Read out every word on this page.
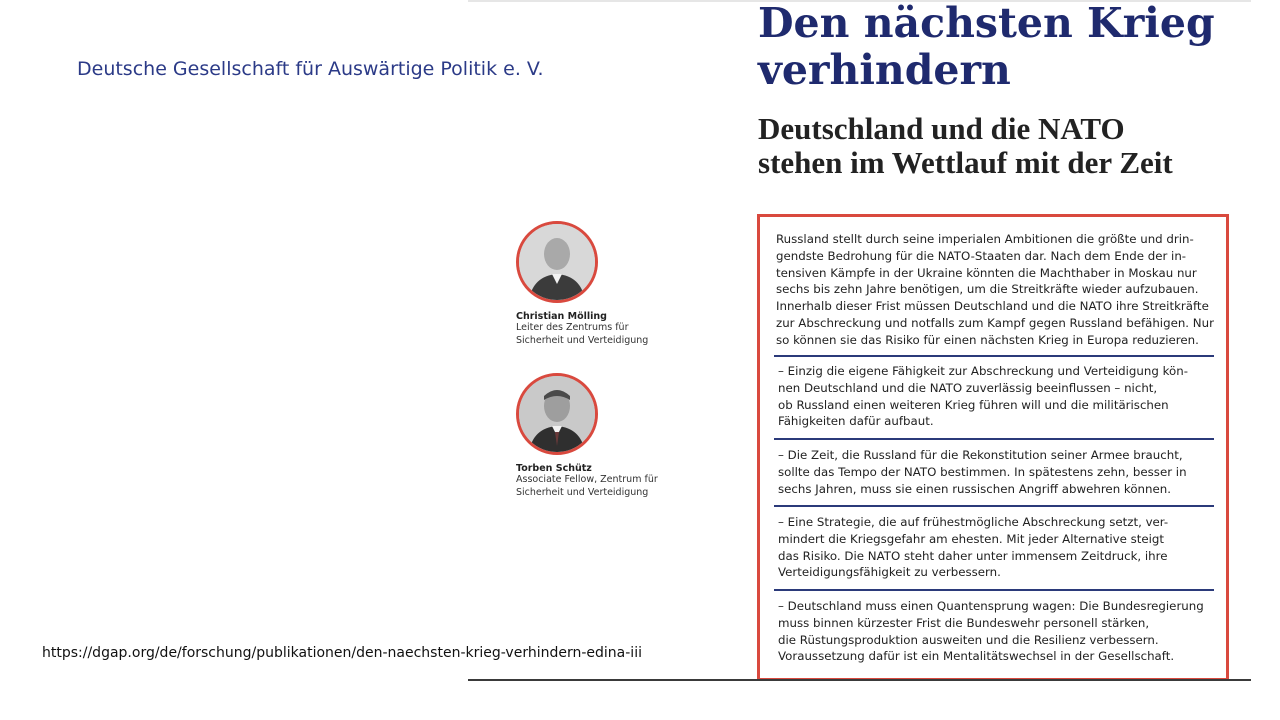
Deutsche Gesellschaft für Auswärtige Politik e. V.
https://dgap.org/de/forschung/publikationen/den-naechsten-krieg-verhindern-edina-iii
Den nächsten Krieg
verhindern
Deutschland und die NATO
stehen im Wettlauf mit der Zeit
Christian Mölling
Leiter des Zentrums für
Sicherheit und Verteidigung
Torben Schütz
Associate Fellow, Zentrum für
Sicherheit und Verteidigung

Russland stellt durch seine imperialen Ambitionen die größte und drin-
gendste Bedrohung für die NATO-Staaten dar. Nach dem Ende der in-
tensiven Kämpfe in der Ukraine könnten die Machthaber in Moskau nur
sechs bis zehn Jahre benötigen, um die Streitkräfte wieder aufzubauen.
Innerhalb dieser Frist müssen Deutschland und die NATO ihre Streitkräfte
zur Abschreckung und notfalls zum Kampf gegen Russland befähigen. Nur
so können sie das Risiko für einen nächsten Krieg in Europa reduzieren.

– Einzig die eigene Fähigkeit zur Abschreckung und Verteidigung kön-
nen Deutschland und die NATO zuverlässig beeinflussen – nicht,
ob Russland einen weiteren Krieg führen will und die militärischen
Fähigkeiten dafür aufbaut.

– Die Zeit, die Russland für die Rekonstitution seiner Armee braucht,
sollte das Tempo der NATO bestimmen. In spätestens zehn, besser in
sechs Jahren, muss sie einen russischen Angriff abwehren können.

– Eine Strategie, die auf frühestmögliche Abschreckung setzt, ver-
mindert die Kriegsgefahr am ehesten. Mit jeder Alternative steigt
das Risiko. Die NATO steht daher unter immensem Zeitdruck, ihre
Verteidigungsfähigkeit zu verbessern.

– Deutschland muss einen Quantensprung wagen: Die Bundesregierung
muss binnen kürzester Frist die Bundeswehr personell stärken,
die Rüstungsproduktion ausweiten und die Resilienz verbessern.
Voraussetzung dafür ist ein Mentalitätswechsel in der Gesellschaft.
